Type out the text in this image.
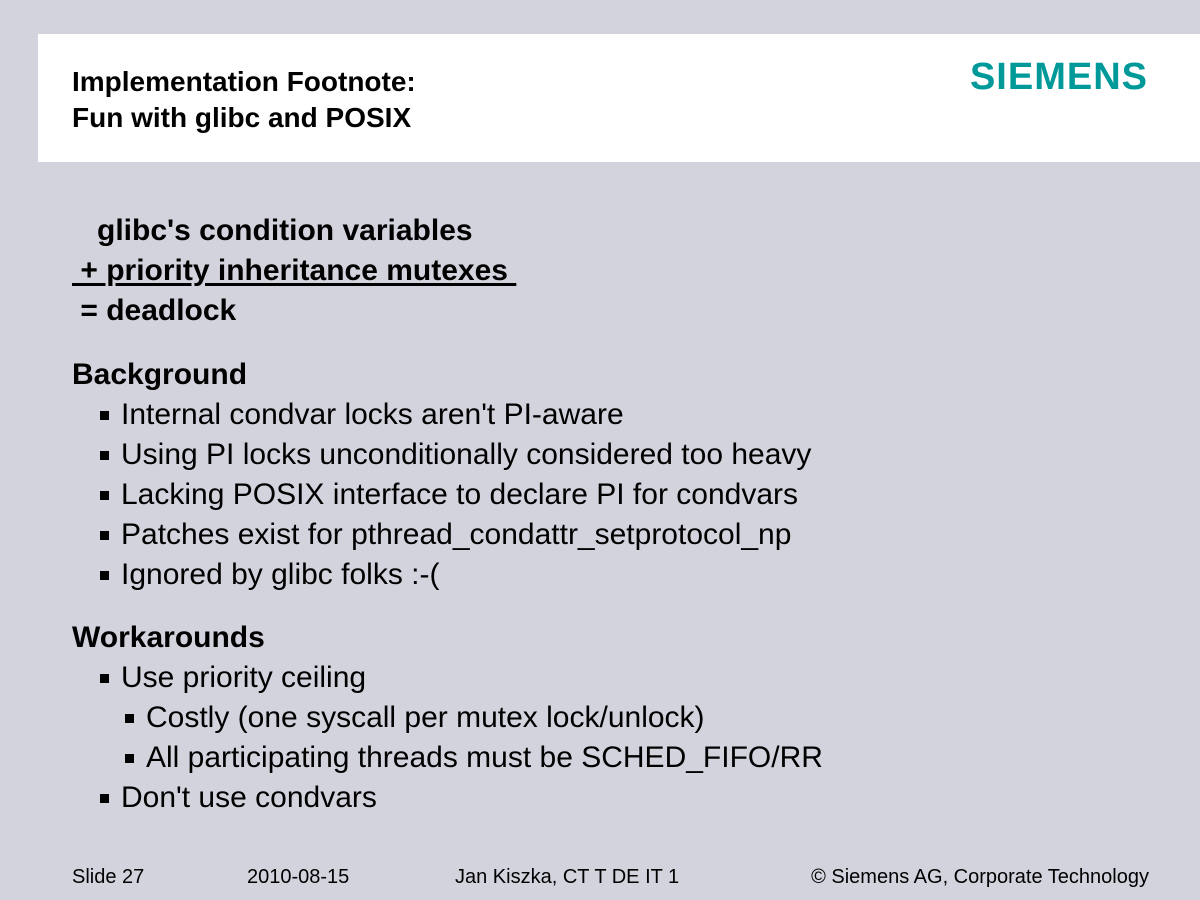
Implementation Footnote:
Fun with glibc and POSIX
SIEMENS
glibc's condition variables
+ priority inheritance mutexes
= deadlock
Background
Internal condvar locks aren't PI-aware
Using PI locks unconditionally considered too heavy
Lacking POSIX interface to declare PI for condvars
Patches exist for pthread_condattr_setprotocol_np
Ignored by glibc folks :-(
Workarounds
Use priority ceiling
Costly (one syscall per mutex lock/unlock)
All participating threads must be SCHED_FIFO/RR
Don't use condvars
Slide 27	2010-08-15	Jan Kiszka, CT T DE IT 1	© Siemens AG, Corporate Technology
